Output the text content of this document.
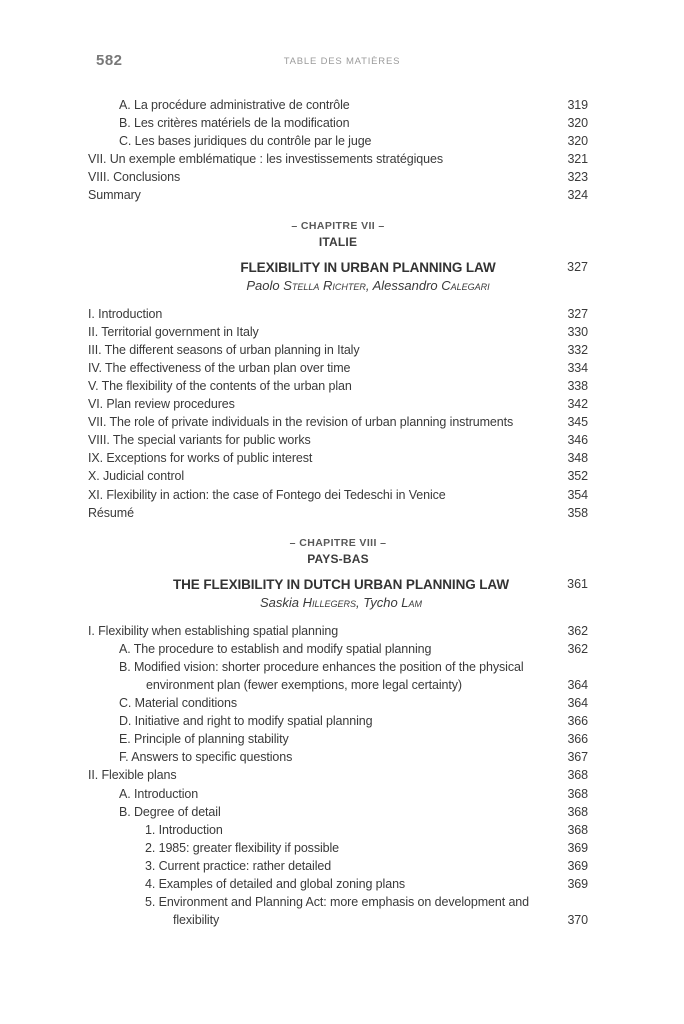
582	TABLE DES MATIÈRES
A. La procédure administrative de contrôle	319
B. Les critères matériels de la modification	320
C. Les bases juridiques du contrôle par le juge	320
VII. Un exemple emblématique : les investissements stratégiques	321
VIII. Conclusions	323
Summary	324
– CHAPITRE VII –
ITALIE
FLEXIBILITY IN URBAN PLANNING LAW	327
Paolo Stella Richter, Alessandro Calegari
I. Introduction	327
II. Territorial government in Italy	330
III. The different seasons of urban planning in Italy	332
IV. The effectiveness of the urban plan over time	334
V. The flexibility of the contents of the urban plan	338
VI. Plan review procedures	342
VII. The role of private individuals in the revision of urban planning instruments	345
VIII. The special variants for public works	346
IX. Exceptions for works of public interest	348
X. Judicial control	352
XI. Flexibility in action: the case of Fontego dei Tedeschi in Venice	354
Résumé	358
– CHAPITRE VIII –
PAYS-BAS
THE FLEXIBILITY IN DUTCH URBAN PLANNING LAW	361
Saskia Hillegers, Tycho Lam
I. Flexibility when establishing spatial planning	362
A. The procedure to establish and modify spatial planning	362
B. Modified vision: shorter procedure enhances the position of the physical
environment plan (fewer exemptions, more legal certainty)	364
C. Material conditions	364
D. Initiative and right to modify spatial planning	366
E. Principle of planning stability	366
F. Answers to specific questions	367
II. Flexible plans	368
A. Introduction	368
B. Degree of detail	368
1. Introduction	368
2. 1985: greater flexibility if possible	369
3. Current practice: rather detailed	369
4. Examples of detailed and global zoning plans	369
5. Environment and Planning Act: more emphasis on development and
flexibility	370
